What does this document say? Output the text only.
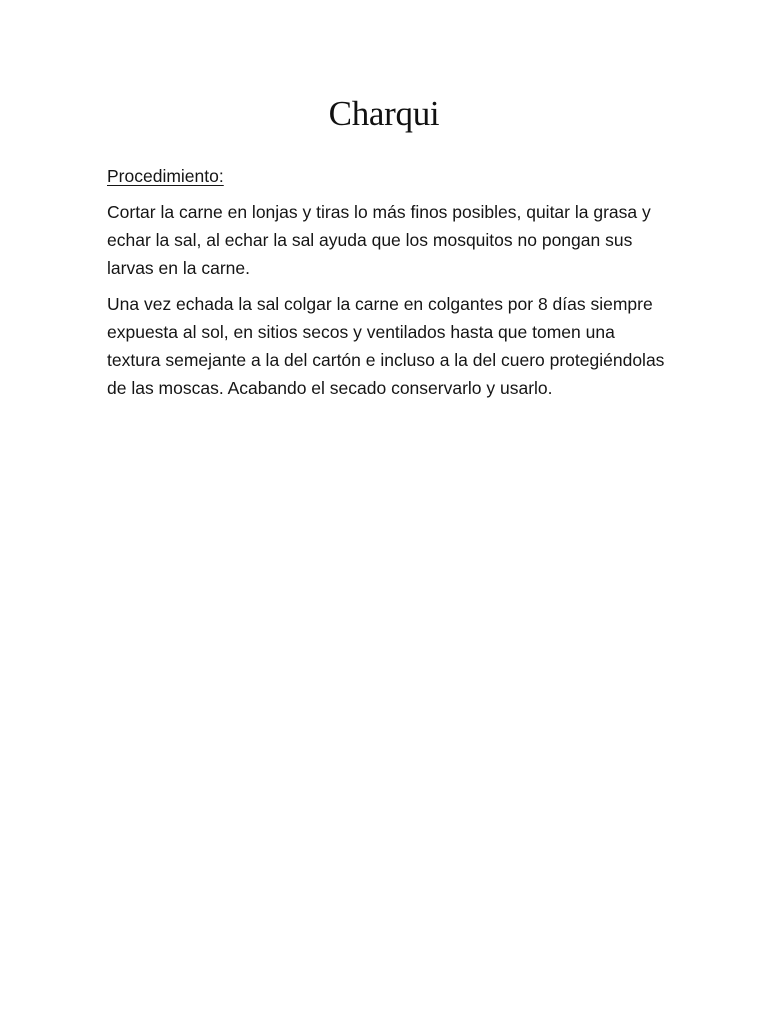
Charqui

Procedimiento:

Cortar la carne en lonjas y tiras lo más finos posibles, quitar la grasa y echar la sal, al echar la sal ayuda que los mosquitos no pongan sus larvas en la carne.

Una vez echada la sal colgar la carne en colgantes por 8 días siempre expuesta al sol, en sitios secos y ventilados hasta que tomen una textura semejante a la del cartón e incluso a la del cuero protegiéndolas de las moscas. Acabando el secado conservarlo y usarlo.
